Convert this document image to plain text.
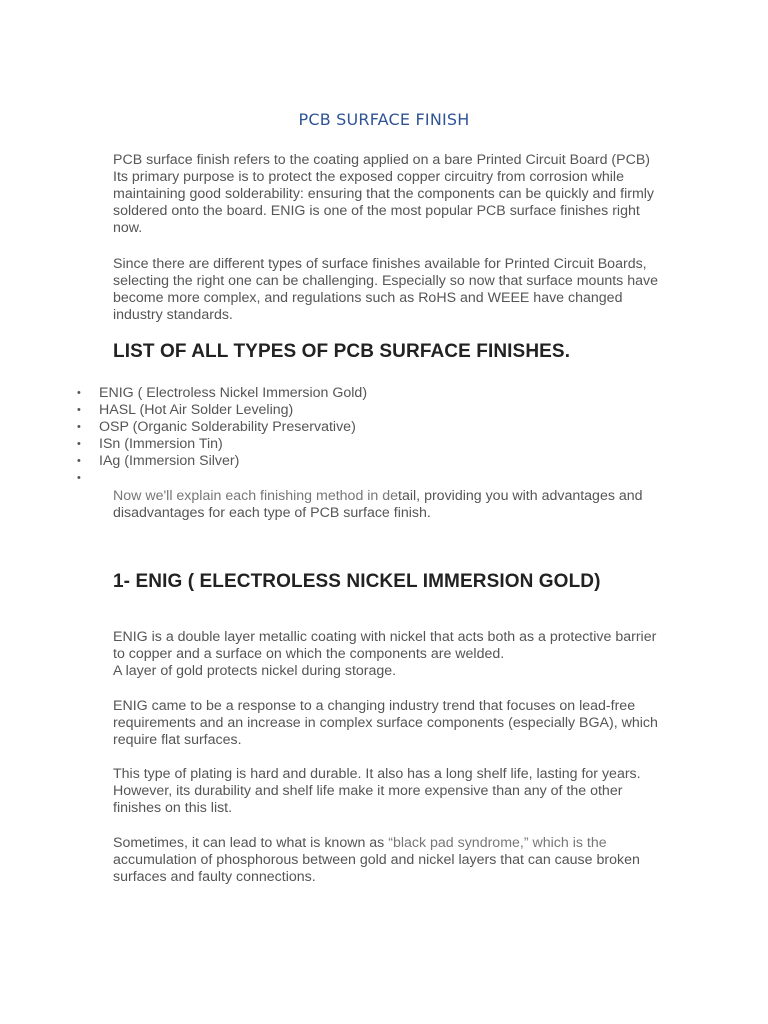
PCB SURFACE FINISH

PCB surface finish refers to the coating applied on a bare Printed Circuit Board (PCB) Its primary purpose is to protect the exposed copper circuitry from corrosion while maintaining good solderability: ensuring that the components can be quickly and firmly soldered onto the board. ENIG is one of the most popular PCB surface finishes right now.

Since there are different types of surface finishes available for Printed Circuit Boards, selecting the right one can be challenging. Especially so now that surface mounts have become more complex, and regulations such as RoHS and WEEE have changed industry standards.

LIST OF ALL TYPES OF PCB SURFACE FINISHES.
•	ENIG ( Electroless Nickel Immersion Gold)
•	HASL (Hot Air Solder Leveling)
•	OSP (Organic Solderability Preservative)
•	ISn (Immersion Tin)
•	IAg (Immersion Silver)
•

Now we'll explain each finishing method in detail, providing you with advantages and disadvantages for each type of PCB surface finish.

1- ENIG ( ELECTROLESS NICKEL IMMERSION GOLD)

ENIG is a double layer metallic coating with nickel that acts both as a protective barrier to copper and a surface on which the components are welded.
A layer of gold protects nickel during storage.

ENIG came to be a response to a changing industry trend that focuses on lead-free requirements and an increase in complex surface components (especially BGA), which require flat surfaces.

This type of plating is hard and durable. It also has a long shelf life, lasting for years. However, its durability and shelf life make it more expensive than any of the other finishes on this list.

Sometimes, it can lead to what is known as “black pad syndrome,” which is the accumulation of phosphorous between gold and nickel layers that can cause broken surfaces and faulty connections.
